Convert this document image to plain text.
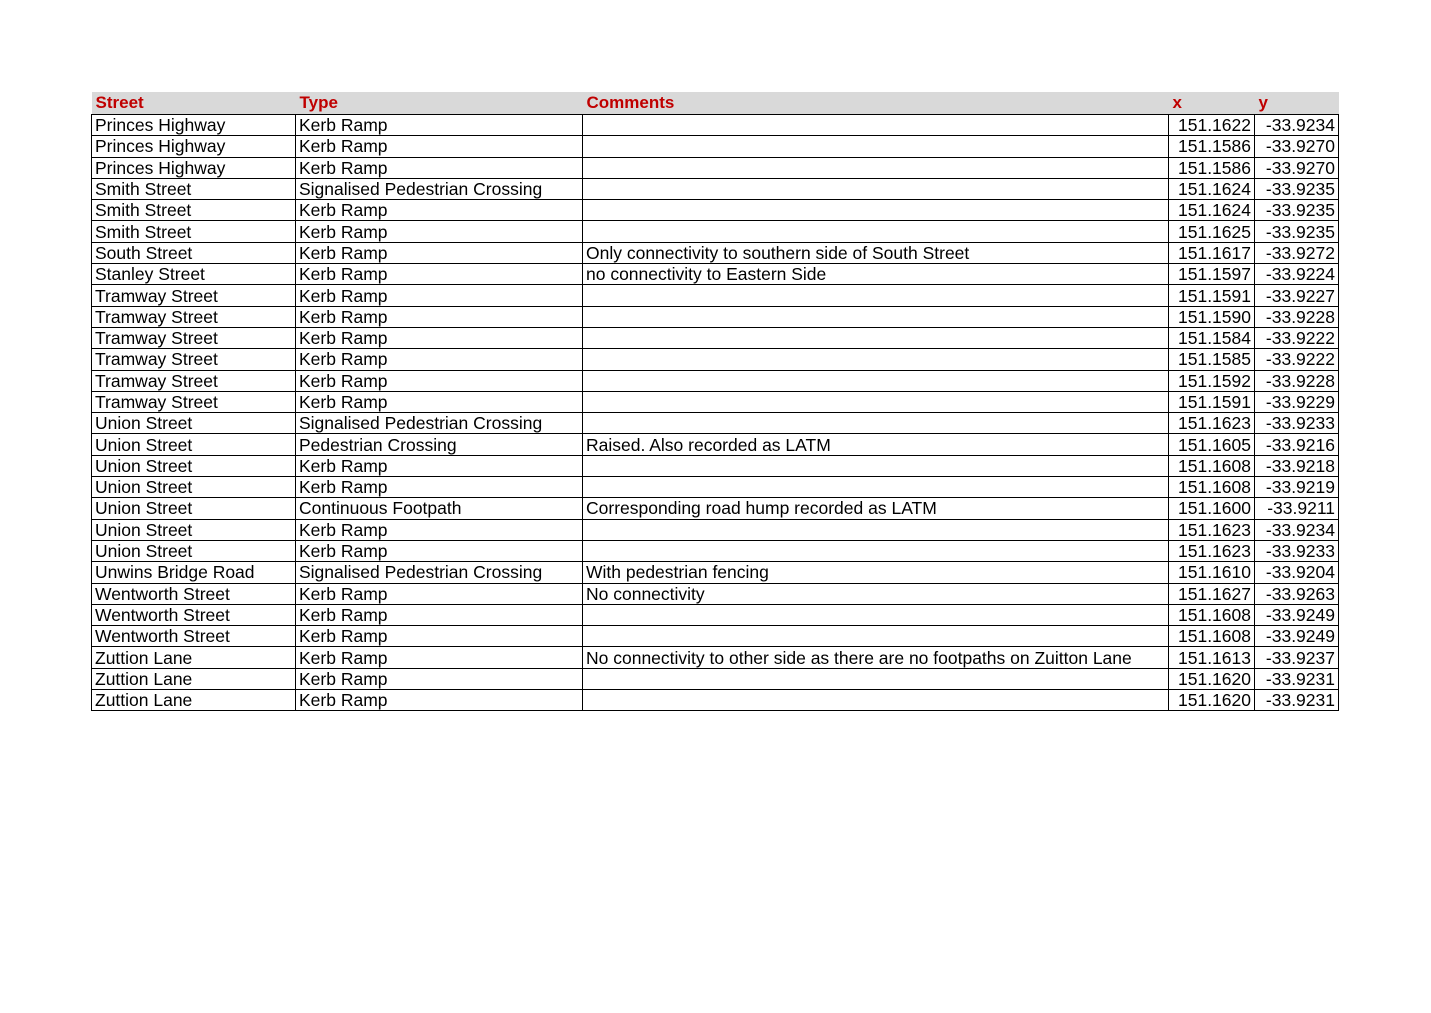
Street	Type	Comments	x	y
Princes Highway	Kerb Ramp		151.1622	-33.9234
Princes Highway	Kerb Ramp		151.1586	-33.9270
Princes Highway	Kerb Ramp		151.1586	-33.9270
Smith Street	Signalised Pedestrian Crossing		151.1624	-33.9235
Smith Street	Kerb Ramp		151.1624	-33.9235
Smith Street	Kerb Ramp		151.1625	-33.9235
South Street	Kerb Ramp	Only connectivity to southern side of South Street	151.1617	-33.9272
Stanley Street	Kerb Ramp	no connectivity to Eastern Side	151.1597	-33.9224
Tramway Street	Kerb Ramp		151.1591	-33.9227
Tramway Street	Kerb Ramp		151.1590	-33.9228
Tramway Street	Kerb Ramp		151.1584	-33.9222
Tramway Street	Kerb Ramp		151.1585	-33.9222
Tramway Street	Kerb Ramp		151.1592	-33.9228
Tramway Street	Kerb Ramp		151.1591	-33.9229
Union Street	Signalised Pedestrian Crossing		151.1623	-33.9233
Union Street	Pedestrian Crossing	Raised. Also recorded as LATM	151.1605	-33.9216
Union Street	Kerb Ramp		151.1608	-33.9218
Union Street	Kerb Ramp		151.1608	-33.9219
Union Street	Continuous Footpath	Corresponding road hump recorded as LATM	151.1600	-33.9211
Union Street	Kerb Ramp		151.1623	-33.9234
Union Street	Kerb Ramp		151.1623	-33.9233
Unwins Bridge Road	Signalised Pedestrian Crossing	With pedestrian fencing	151.1610	-33.9204
Wentworth Street	Kerb Ramp	No connectivity	151.1627	-33.9263
Wentworth Street	Kerb Ramp		151.1608	-33.9249
Wentworth Street	Kerb Ramp		151.1608	-33.9249
Zuttion Lane	Kerb Ramp	No connectivity to other side as there are no footpaths on Zuitton Lane	151.1613	-33.9237
Zuttion Lane	Kerb Ramp		151.1620	-33.9231
Zuttion Lane	Kerb Ramp		151.1620	-33.9231
